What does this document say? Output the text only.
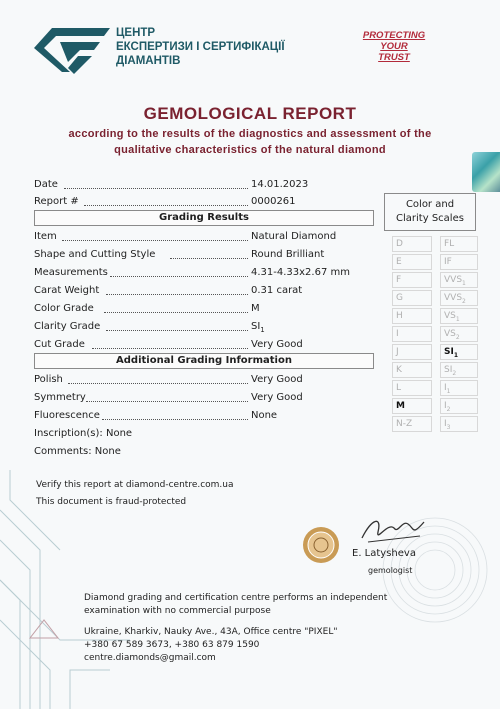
ЦЕНТР
ЕКСПЕРТИЗИ І СЕРТИФІКАЦІЇ
ДІАМАНТІВ
PROTECTING
YOUR
TRUST
GEMOLOGICAL REPORT
according to the results of the diagnostics and assessment of the
qualitative characteristics of the natural diamond
Date	14.01.2023
Report #	0000261
Grading Results
Item	Natural Diamond
Shape and Cutting Style	Round Brilliant
Measurements	4.31-4.33x2.67 mm
Carat Weight	0.31 carat
Color Grade	M
Clarity Grade	$SI_1$
Cut Grade	Very Good
Additional Grading Information
Polish	Very Good
Symmetry	Very Good
Fluorescence	None
Inscription(s): None
Comments: None
Color and
Clarity Scales
D	FL
E	IF
F	$VVS_1$
G	$VVS_2$
H	$VS_1$
I	$VS_2$
J	$SI_1$
K	$SI_2$
L	$I_1$
M	$I_2$
N-Z	$I_3$
Verify this report at diamond-centre.com.ua
This document is fraud-protected
E. Latysheva
gemologist
Diamond grading and certification centre performs an independent
examination with no commercial purpose
Ukraine, Kharkiv, Nauky Ave., 43A, Office centre "PIXEL"
+380 67 589 3673, +380 63 879 1590
centre.diamonds@gmail.com
